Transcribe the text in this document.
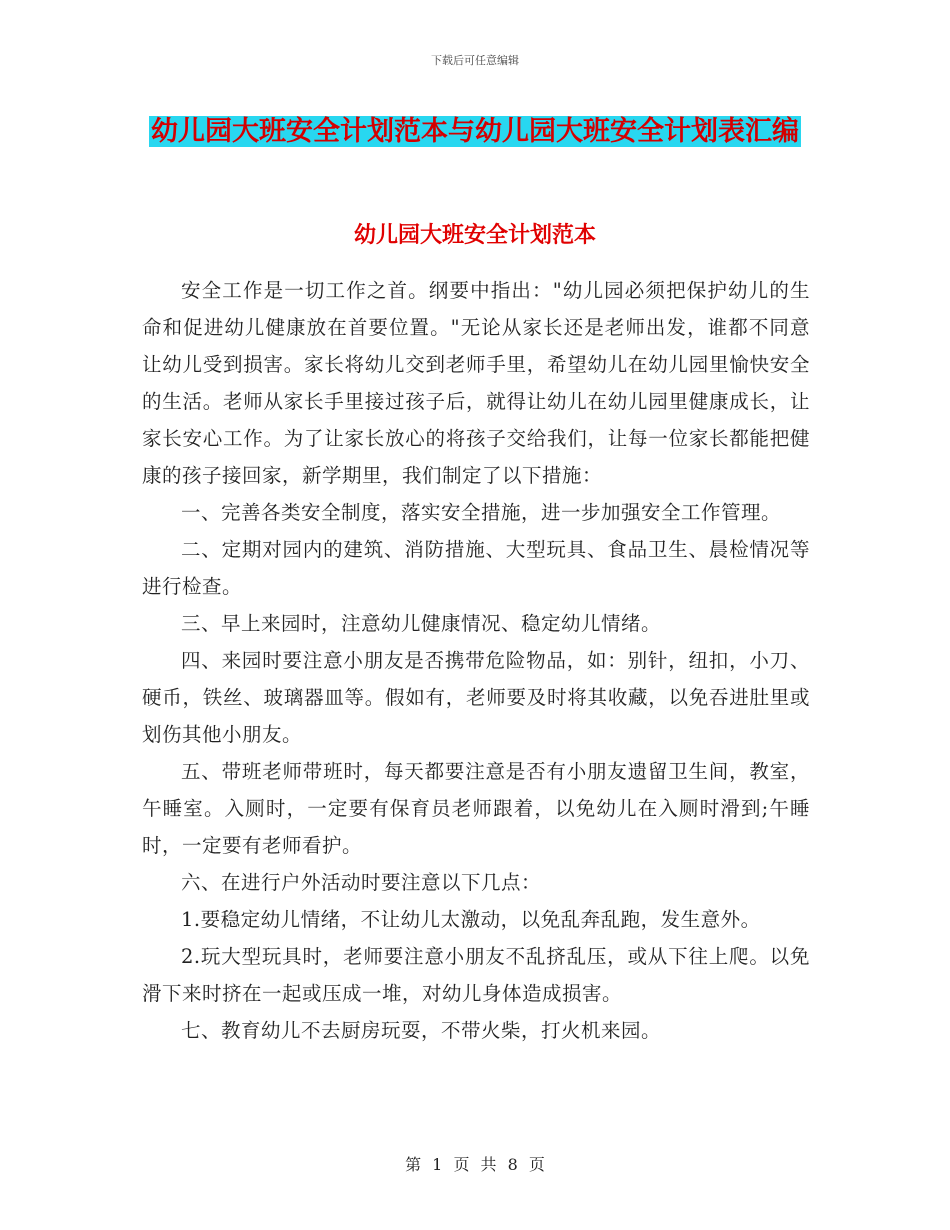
下载后可任意编辑
幼儿园大班安全计划范本与幼儿园大班安全计划表汇编
幼儿园大班安全计划范本

安全工作是一切工作之首。纲要中指出："幼儿园必须把保护幼儿的生命和促进幼儿健康放在首要位置。"无论从家长还是老师出发，谁都不同意让幼儿受到损害。家长将幼儿交到老师手里，希望幼儿在幼儿园里愉快安全的生活。老师从家长手里接过孩子后，就得让幼儿在幼儿园里健康成长，让家长安心工作。为了让家长放心的将孩子交给我们，让每一位家长都能把健康的孩子接回家，新学期里，我们制定了以下措施：

一、完善各类安全制度，落实安全措施，进一步加强安全工作管理。

二、定期对园内的建筑、消防措施、大型玩具、食品卫生、晨检情况等进行检查。

三、早上来园时，注意幼儿健康情况、稳定幼儿情绪。

四、来园时要注意小朋友是否携带危险物品，如：别针，纽扣，小刀、硬币，铁丝、玻璃器皿等。假如有，老师要及时将其收藏，以免吞进肚里或划伤其他小朋友。

五、带班老师带班时，每天都要注意是否有小朋友遗留卫生间，教室，午睡室。入厕时，一定要有保育员老师跟着，以免幼儿在入厕时滑到;午睡时，一定要有老师看护。

六、在进行户外活动时要注意以下几点：

1.要稳定幼儿情绪，不让幼儿太激动，以免乱奔乱跑，发生意外。

2.玩大型玩具时，老师要注意小朋友不乱挤乱压，或从下往上爬。以免滑下来时挤在一起或压成一堆，对幼儿身体造成损害。

七、教育幼儿不去厨房玩耍，不带火柴，打火机来园。

第 1 页 共 8 页
